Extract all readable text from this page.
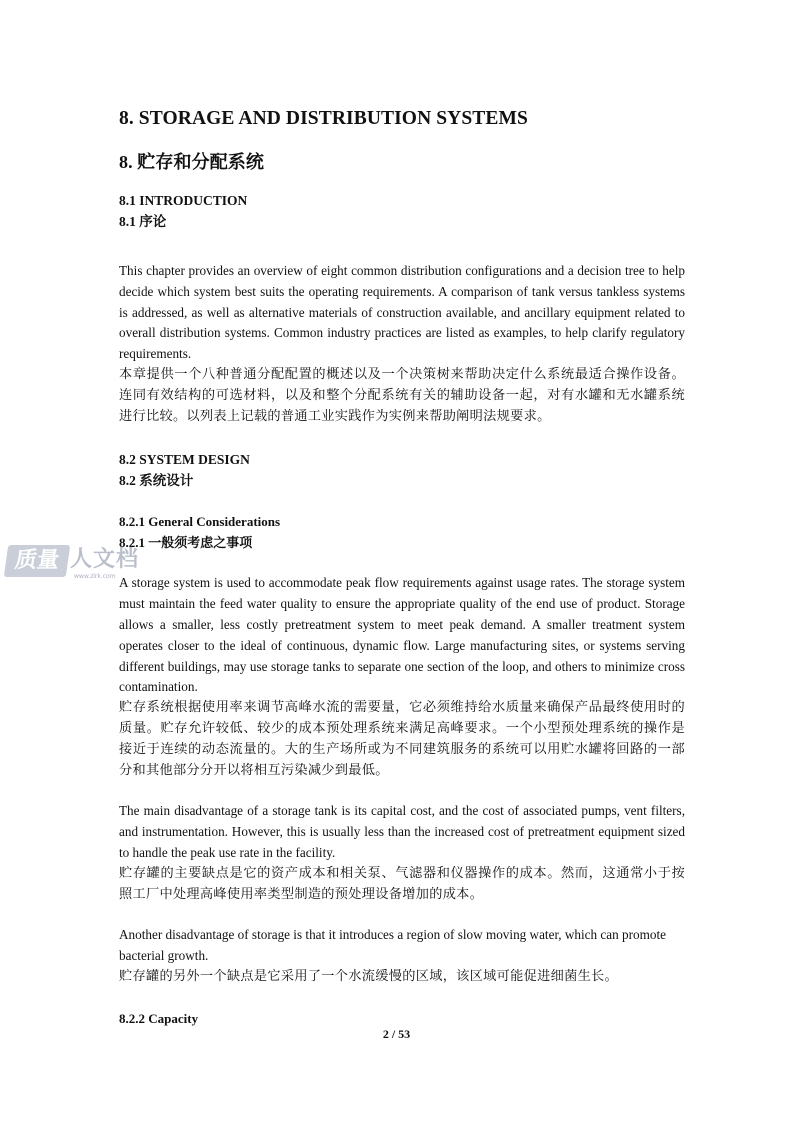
质量 人文档
www.zlrk.com
8. STORAGE AND DISTRIBUTION SYSTEMS
8. 贮存和分配系统
8.1 INTRODUCTION
8.1 序论

This chapter provides an overview of eight common distribution configurations and a decision tree to help decide which system best suits the operating requirements. A comparison of tank versus tankless systems is addressed, as well as alternative materials of construction available, and ancillary equipment related to overall distribution systems. Common industry practices are listed as examples, to help clarify regulatory requirements.

本章提供一个八种普通分配配置的概述以及一个决策树来帮助决定什么系统最适合操作设备。连同有效结构的可选材料，以及和整个分配系统有关的辅助设备一起，对有水罐和无水罐系统进行比较。以列表上记载的普通工业实践作为实例来帮助阐明法规要求。

8.2 SYSTEM DESIGN
8.2 系统设计
8.2.1 General Considerations
8.2.1 一般须考虑之事项

A storage system is used to accommodate peak flow requirements against usage rates. The storage system must maintain the feed water quality to ensure the appropriate quality of the end use of product. Storage allows a smaller, less costly pretreatment system to meet peak demand. A smaller treatment system operates closer to the ideal of continuous, dynamic flow. Large manufacturing sites, or systems serving different buildings, may use storage tanks to separate one section of the loop, and others to minimize cross contamination.

贮存系统根据使用率来调节高峰水流的需要量，它必须维持给水质量来确保产品最终使用时的质量。贮存允许较低、较少的成本预处理系统来满足高峰要求。一个小型预处理系统的操作是接近于连续的动态流量的。大的生产场所或为不同建筑服务的系统可以用贮水罐将回路的一部分和其他部分分开以将相互污染减少到最低。

The main disadvantage of a storage tank is its capital cost, and the cost of associated pumps, vent filters, and instrumentation. However, this is usually less than the increased cost of pretreatment equipment sized to handle the peak use rate in the facility.

贮存罐的主要缺点是它的资产成本和相关泵、气滤器和仪器操作的成本。然而，这通常小于按照工厂中处理高峰使用率类型制造的预处理设备增加的成本。

Another disadvantage of storage is that it introduces a region of slow moving water, which can promote bacterial growth.

贮存罐的另外一个缺点是它采用了一个水流缓慢的区域，该区域可能促进细菌生长。

8.2.2 Capacity
2 / 53
